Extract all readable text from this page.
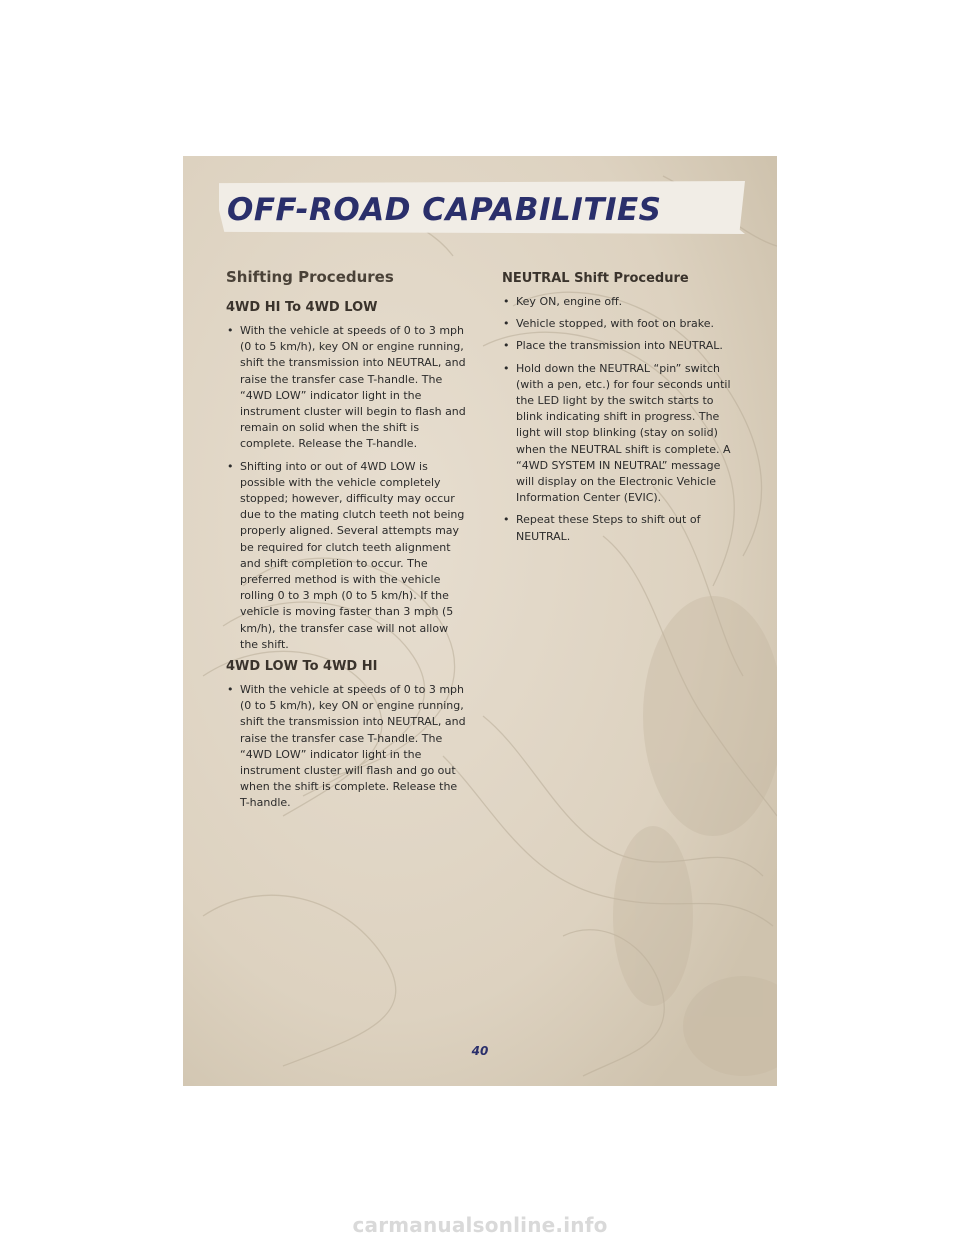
OFF-ROAD CAPABILITIES
Shifting Procedures
4WD HI To 4WD LOW
• With the vehicle at speeds of 0 to 3 mph (0 to 5 km/h), key ON or engine running, shift the transmission into NEUTRAL, and raise the transfer case T-handle. The “4WD LOW” indicator light in the instrument cluster will begin to flash and remain on solid when the shift is complete. Release the T-handle.
• Shifting into or out of 4WD LOW is possible with the vehicle completely stopped; however, difficulty may occur due to the mating clutch teeth not being properly aligned. Several attempts may be required for clutch teeth alignment and shift completion to occur. The preferred method is with the vehicle rolling 0 to 3 mph (0 to 5 km/h). If the vehicle is moving faster than 3 mph (5 km/h), the transfer case will not allow the shift.
4WD LOW To 4WD HI
• With the vehicle at speeds of 0 to 3 mph (0 to 5 km/h), key ON or engine running, shift the transmission into NEUTRAL, and raise the transfer case T-handle. The “4WD LOW” indicator light in the instrument cluster will flash and go out when the shift is complete. Release the T-handle.
NEUTRAL Shift Procedure
• Key ON, engine off.
• Vehicle stopped, with foot on brake.
• Place the transmission into NEUTRAL.
• Hold down the NEUTRAL “pin” switch (with a pen, etc.) for four seconds until the LED light by the switch starts to blink indicating shift in progress. The light will stop blinking (stay on solid) when the NEUTRAL shift is complete. A “4WD SYSTEM IN NEUTRAL” message will display on the Electronic Vehicle Information Center (EVIC).
• Repeat these Steps to shift out of NEUTRAL.
40
carmanualsonline.info
